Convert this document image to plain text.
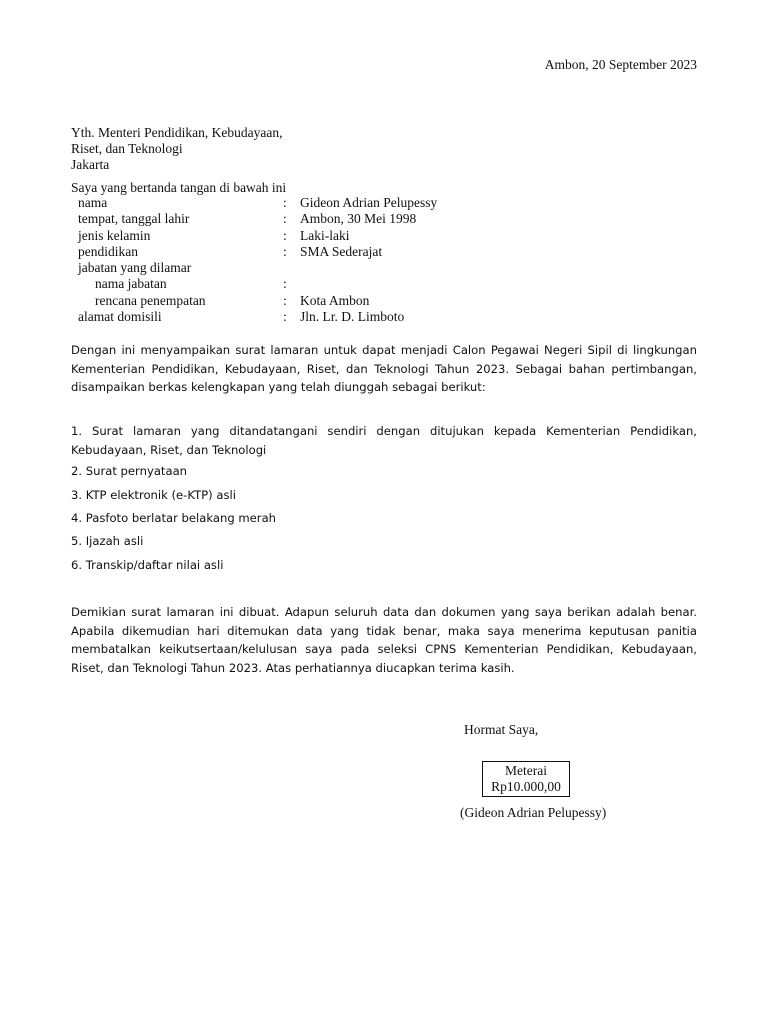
Ambon, 20 September 2023
Yth. Menteri Pendidikan, Kebudayaan,
Riset, dan Teknologi
Jakarta
Saya yang bertanda tangan di bawah ini
nama	: Gideon Adrian Pelupessy
tempat, tanggal lahir	: Ambon, 30 Mei 1998
jenis kelamin	: Laki-laki
pendidikan	: SMA Sederajat
jabatan yang dilamar
nama jabatan	:
rencana penempatan	: Kota Ambon
alamat domisili	: Jln. Lr. D. Limboto
Dengan ini menyampaikan surat lamaran untuk dapat menjadi Calon Pegawai Negeri Sipil di lingkungan Kementerian Pendidikan, Kebudayaan, Riset, dan Teknologi Tahun 2023. Sebagai bahan pertimbangan, disampaikan berkas kelengkapan yang telah diunggah sebagai berikut:
1. Surat lamaran yang ditandatangani sendiri dengan ditujukan kepada Kementerian Pendidikan, Kebudayaan, Riset, dan Teknologi
2. Surat pernyataan
3. KTP elektronik (e-KTP) asli
4. Pasfoto berlatar belakang merah
5. Ijazah asli
6. Transkip/daftar nilai asli
Demikian surat lamaran ini dibuat. Adapun seluruh data dan dokumen yang saya berikan adalah benar. Apabila dikemudian hari ditemukan data yang tidak benar, maka saya menerima keputusan panitia membatalkan keikutsertaan/kelulusan saya pada seleksi CPNS Kementerian Pendidikan, Kebudayaan, Riset, dan Teknologi Tahun 2023. Atas perhatiannya diucapkan terima kasih.
Hormat Saya,
Meterai
Rp10.000,00
(Gideon Adrian Pelupessy)
